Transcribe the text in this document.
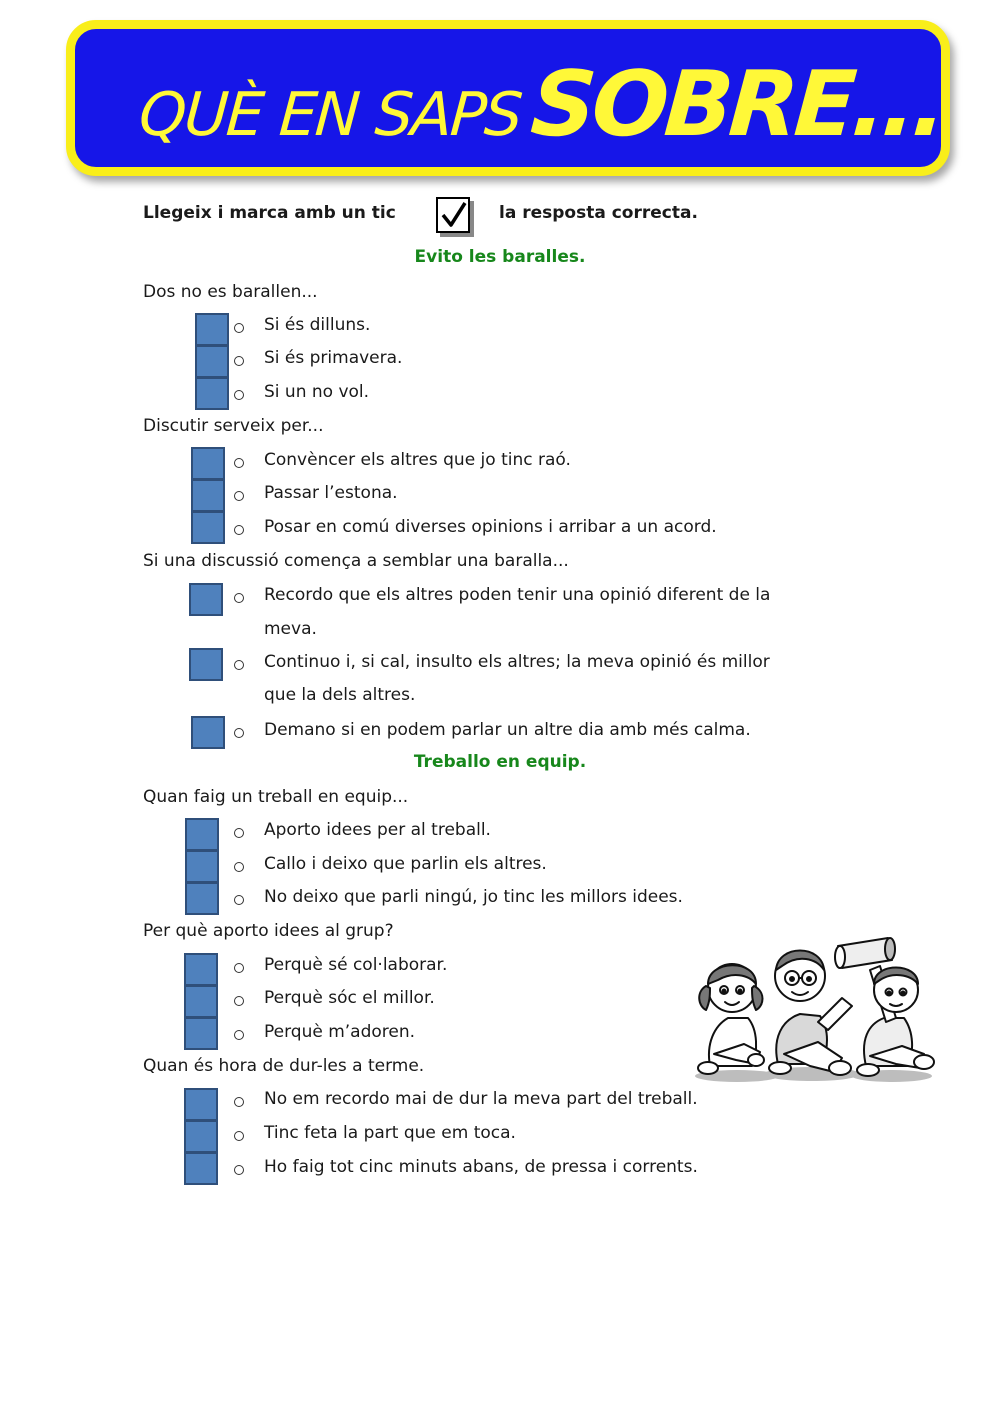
QUÈ EN SAPSSOBRE...
Llegeix i marca amb un tic	la resposta correcta.
Evito les baralles.
Dos no es barallen...
Si és dilluns.
Si és primavera.
Si un no vol.
Discutir serveix per...
Convèncer els altres que jo tinc raó.
Passar l’estona.
Posar en comú diverses opinions i arribar a un acord.
Si una discussió comença a semblar una baralla...
Recordo que els altres poden tenir una opinió diferent de la
meva.
Continuo i, si cal, insulto els altres; la meva opinió és millor
que la dels altres.
Demano si en podem parlar un altre dia amb més calma.
Treballo en equip.
Quan faig un treball en equip...
Aporto idees per al treball.
Callo i deixo que parlin els altres.
No deixo que parli ningú, jo tinc les millors idees.
Per què aporto idees al grup?
Perquè sé col·laborar.
Perquè sóc el millor.
Perquè m’adoren.
Quan és hora de dur-les a terme.
No em recordo mai de dur la meva part del treball.
Tinc feta la part que em toca.
Ho faig tot cinc minuts abans, de pressa i corrents.
